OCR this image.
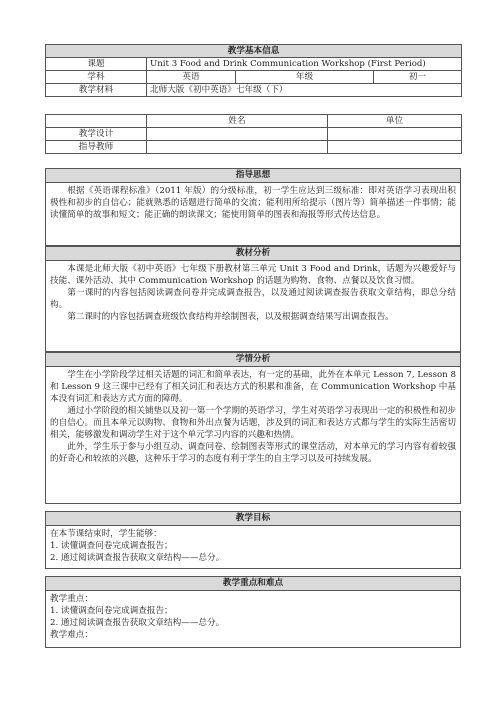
教学基本信息			
课题	Unit 3 Food and Drink Communication Workshop (First Period)		
学科	英语	年级	初一
教学材料	北师大版《初中英语》七年级（下）		
	姓名	单位
教学设计		
指导教师		
指导思想

根据《英语课程标准》（2011 年版）的分级标准，初一学生应达到三级标准：即对英语学习表现出积极性和初步的自信心；能就熟悉的话题进行简单的交流；能利用所给提示（图片等）简单描述一件事情；能读懂简单的故事和短文；能正确的朗读课文；能使用简单的图表和海报等形式传达信息。

教材分析

本课是北师大版《初中英语》七年级下册教材第三单元 Unit 3 Food and Drink，话题为兴趣爱好与技能、课外活动、其中 Communication Workshop 的话题为购物、食物、点餐以及饮食习惯。

第一课时的内容包括阅读调查问卷并完成调查报告，以及通过阅读调查报告获取文章结构，即总分结构。

第二课时的内容包括调查班级饮食结构并绘制图表，以及根据调查结果写出调查报告。

学情分析

学生在小学阶段学过相关话题的词汇和简单表达，有一定的基础，此外在本单元 Lesson 7, Lesson 8 和 Lesson 9 这三课中已经有了相关词汇和表达方式的积累和准备，在 Communication Workshop 中基本没有词汇和表达方式方面的障碍。

通过小学阶段的相关铺垫以及初一第一个学期的英语学习，学生对英语学习表现出一定的积极性和初步的自信心。而且本单元以购物、食物和外出点餐为话题，涉及到的词汇和表达方式都与学生的实际生活密切相关，能够激发和调动学生对于这个单元学习内容的兴趣和热情。

此外，学生乐于参与小组互动、调查问卷、绘制图表等形式的课堂活动，对本单元的学习内容有着较强的好奇心和较浓的兴趣，这种乐于学习的态度有利于学生的自主学习以及可持续发展。

教学目标

在本节课结束时，学生能够：

1. 读懂调查问卷完成调查报告；

2. 通过阅读调查报告获取文章结构——总分。

教学重点和难点

教学重点：

1. 读懂调查问卷完成调查报告；

2. 通过阅读调查报告获取文章结构——总分。

教学难点：
